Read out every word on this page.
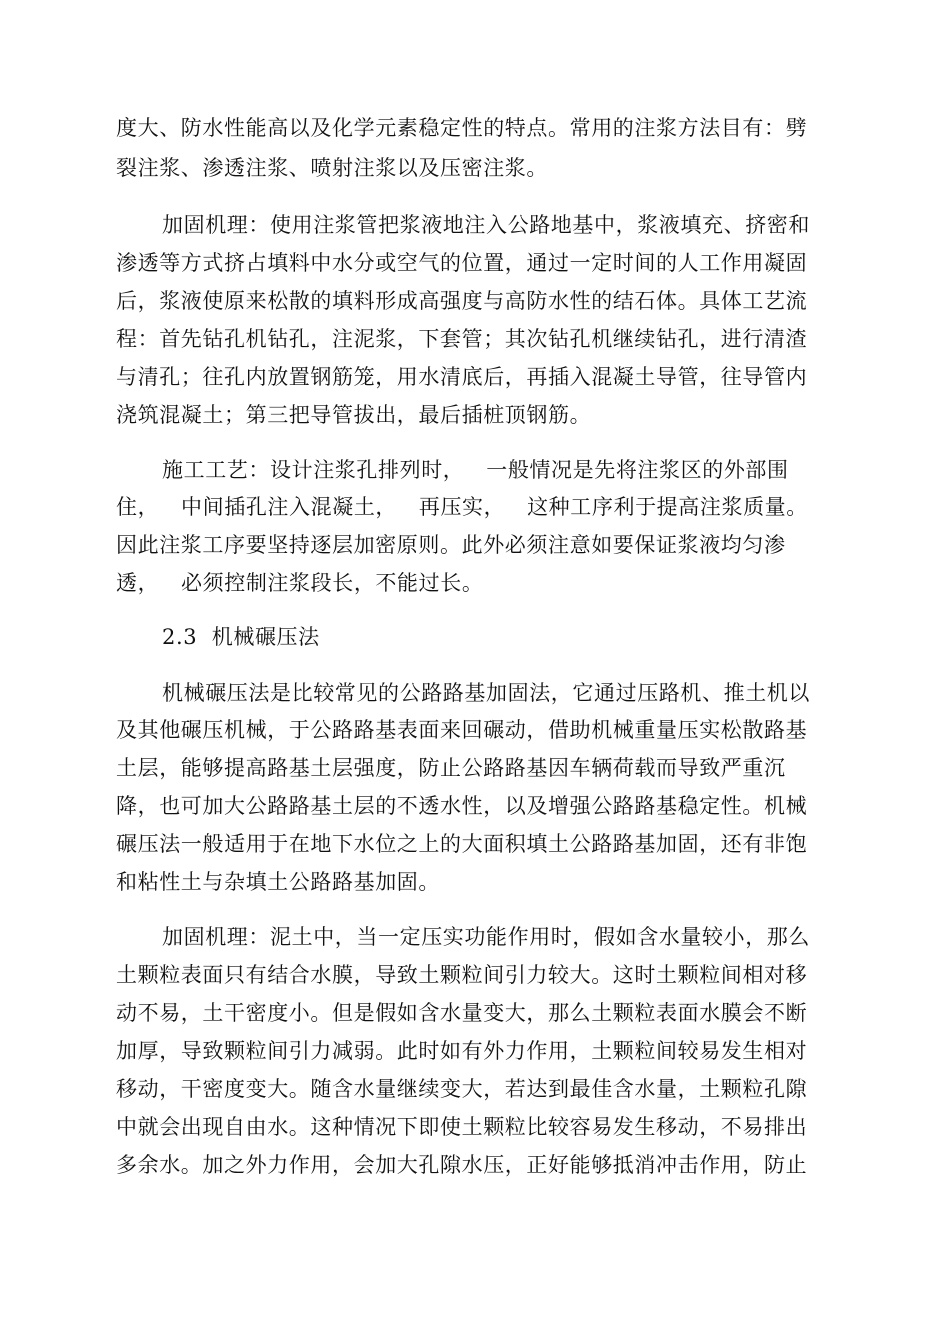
度大、防水性能高以及化学元素稳定性的特点。常用的注浆方法目有：劈
裂注浆、渗透注浆、喷射注浆以及压密注浆。
加固机理：使用注浆管把浆液地注入公路地基中，浆液填充、挤密和
渗透等方式挤占填料中水分或空气的位置，通过一定时间的人工作用凝固
后，浆液使原来松散的填料形成高强度与高防水性的结石体。具体工艺流
程：首先钻孔机钻孔，注泥浆，下套管；其次钻孔机继续钻孔，进行清渣
与清孔；往孔内放置钢筋笼，用水清底后，再插入混凝土导管，往导管内
浇筑混凝土；第三把导管拔出，最后插桩顶钢筋。
施工工艺：设计注浆孔排列时，   一般情况是先将注浆区的外部围
住，   中间插孔注入混凝土，   再压实，   这种工序利于提高注浆质量。
因此注浆工序要坚持逐层加密原则。此外必须注意如要保证浆液均匀渗
透，   必须控制注浆段长，不能过长。
2.3  机械碾压法
机械碾压法是比较常见的公路路基加固法，它通过压路机、推土机以
及其他碾压机械，于公路路基表面来回碾动，借助机械重量压实松散路基
土层，能够提高路基土层强度，防止公路路基因车辆荷载而导致严重沉
降，也可加大公路路基土层的不透水性，以及增强公路路基稳定性。机械
碾压法一般适用于在地下水位之上的大面积填土公路路基加固，还有非饱
和粘性土与杂填土公路路基加固。
加固机理：泥土中，当一定压实功能作用时，假如含水量较小，那么
土颗粒表面只有结合水膜，导致土颗粒间引力较大。这时土颗粒间相对移
动不易，土干密度小。但是假如含水量变大，那么土颗粒表面水膜会不断
加厚，导致颗粒间引力减弱。此时如有外力作用，土颗粒间较易发生相对
移动，干密度变大。随含水量继续变大，若达到最佳含水量，土颗粒孔隙
中就会出现自由水。这种情况下即使土颗粒比较容易发生移动，不易排出
多余水。加之外力作用，会加大孔隙水压，正好能够抵消冲击作用，防止
